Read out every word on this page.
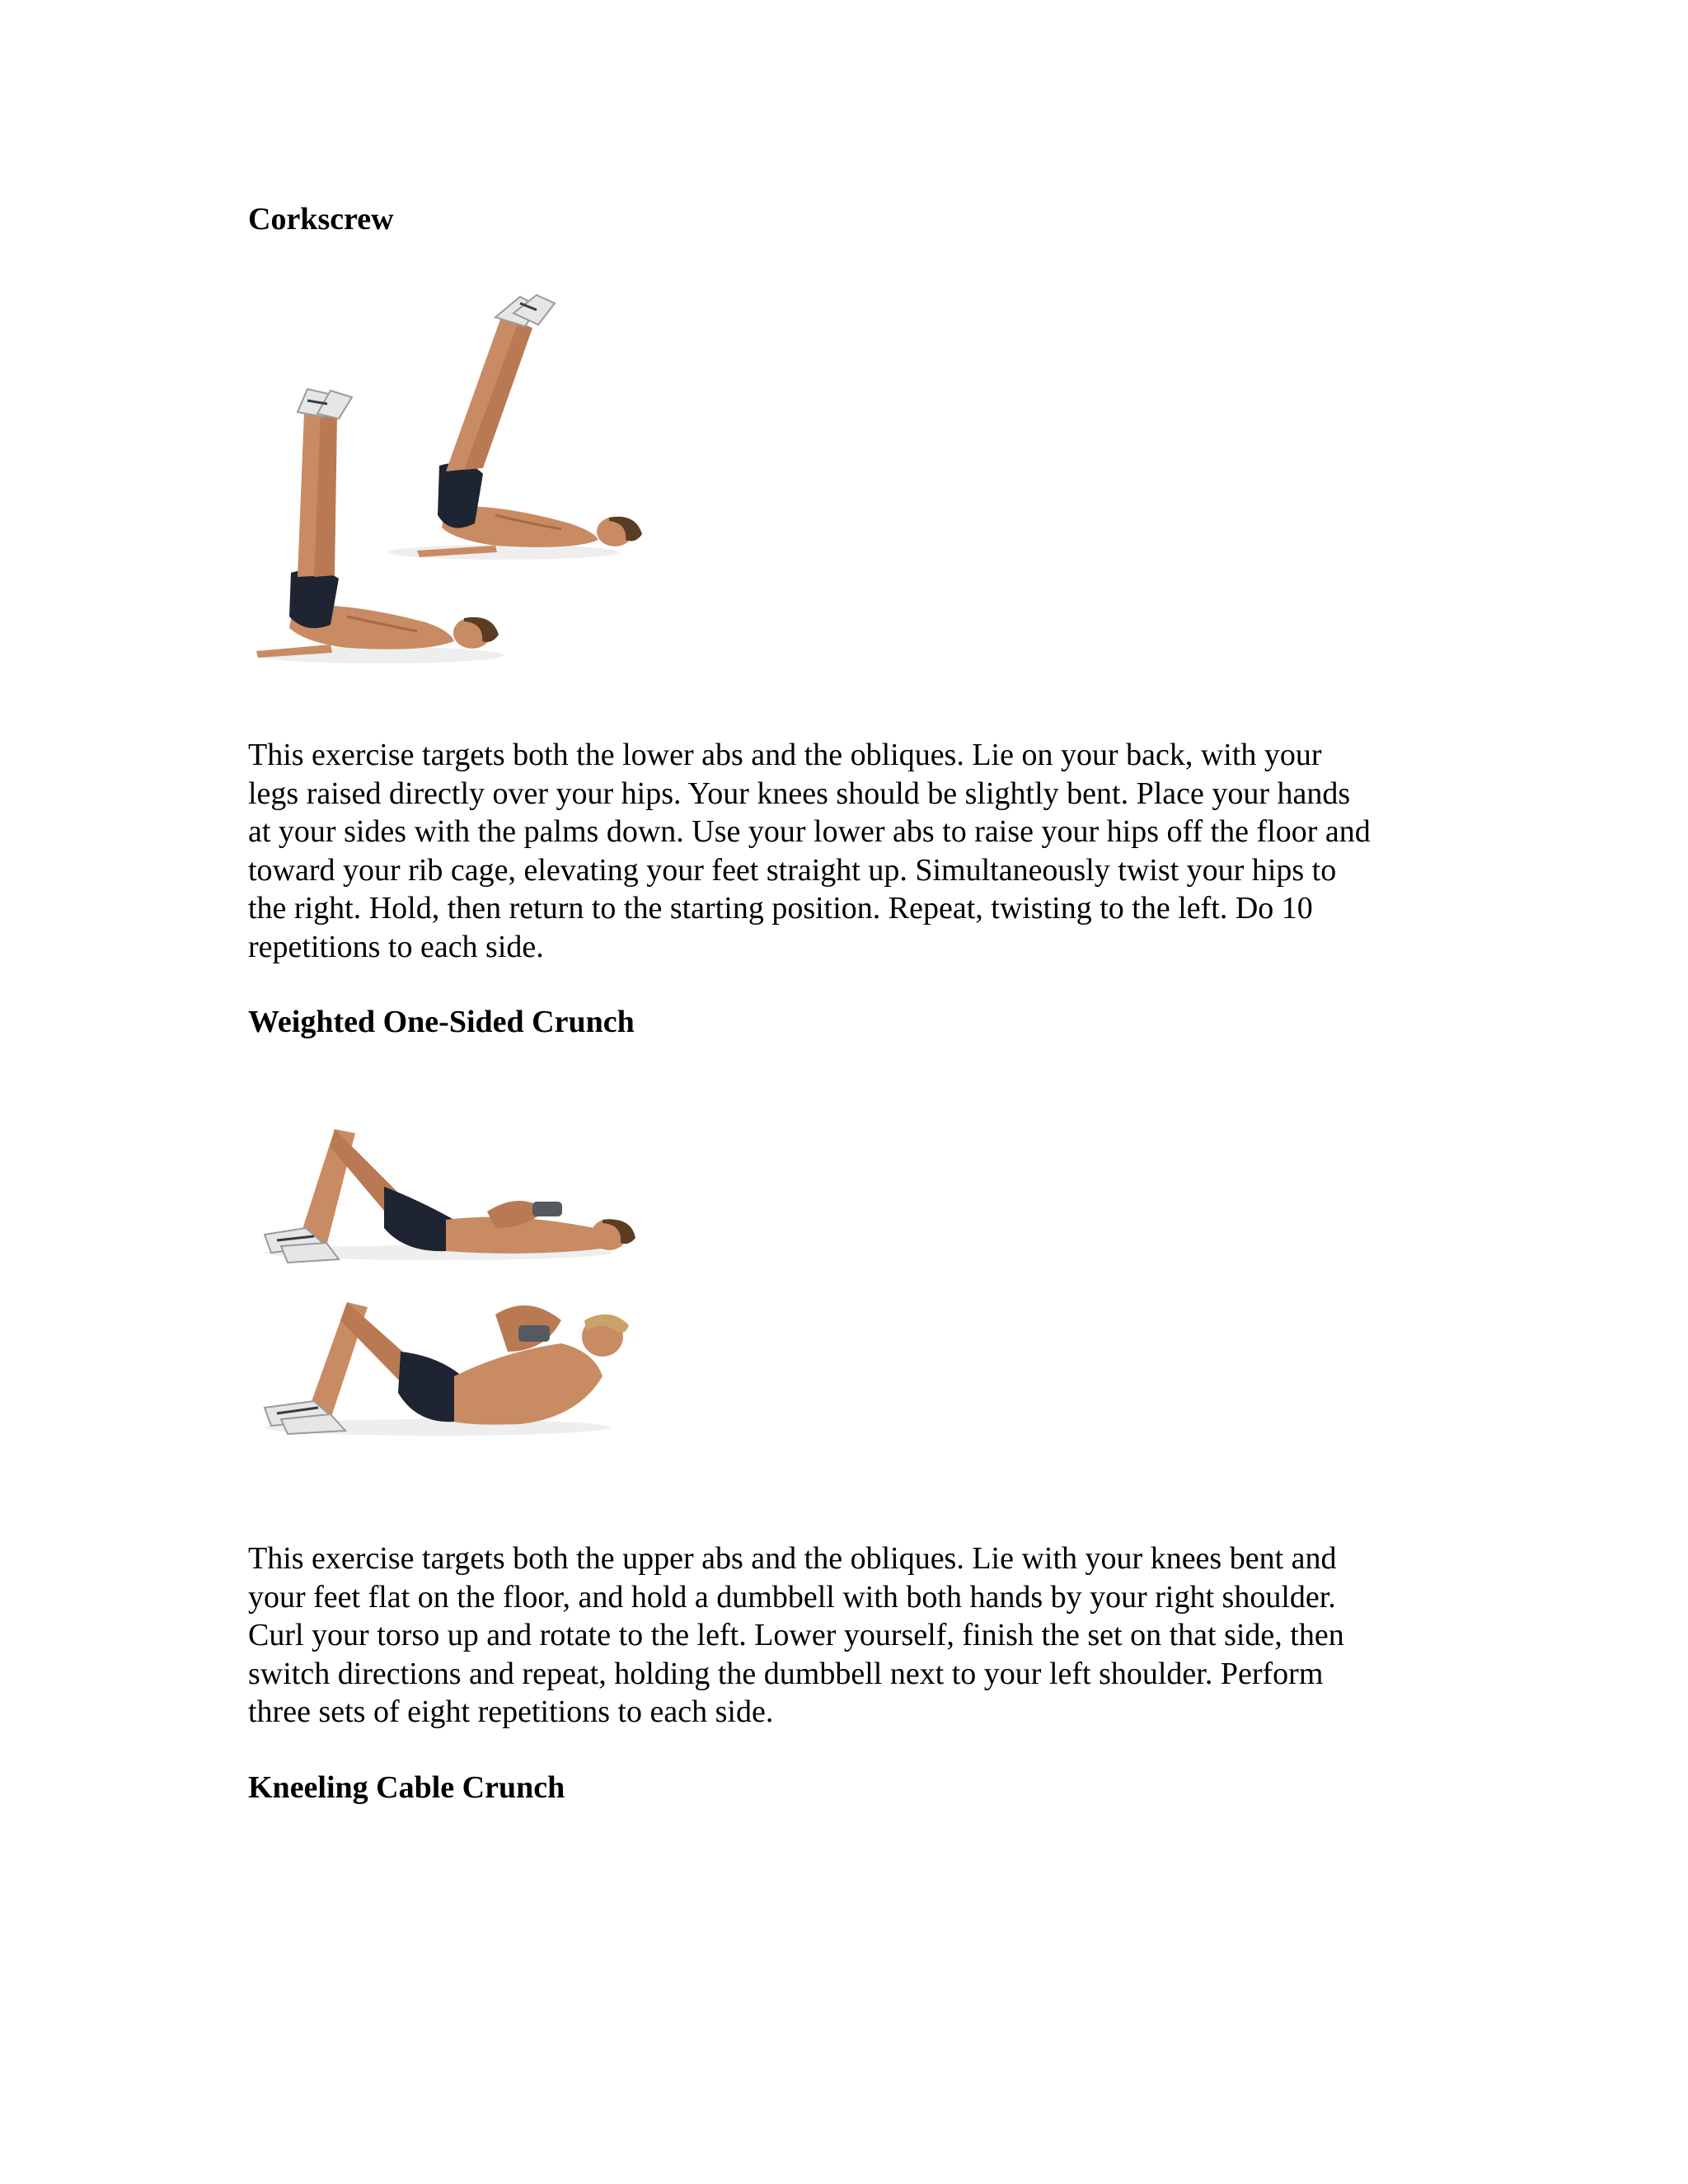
Corkscrew
This exercise targets both the lower abs and the obliques. Lie on your back, with your
legs raised directly over your hips. Your knees should be slightly bent. Place your hands
at your sides with the palms down. Use your lower abs to raise your hips off the floor and
toward your rib cage, elevating your feet straight up. Simultaneously twist your hips to
the right. Hold, then return to the starting position. Repeat, twisting to the left. Do 10
repetitions to each side.
Weighted One-Sided Crunch
This exercise targets both the upper abs and the obliques. Lie with your knees bent and
your feet flat on the floor, and hold a dumbbell with both hands by your right shoulder.
Curl your torso up and rotate to the left. Lower yourself, finish the set on that side, then
switch directions and repeat, holding the dumbbell next to your left shoulder. Perform
three sets of eight repetitions to each side.
Kneeling Cable Crunch
